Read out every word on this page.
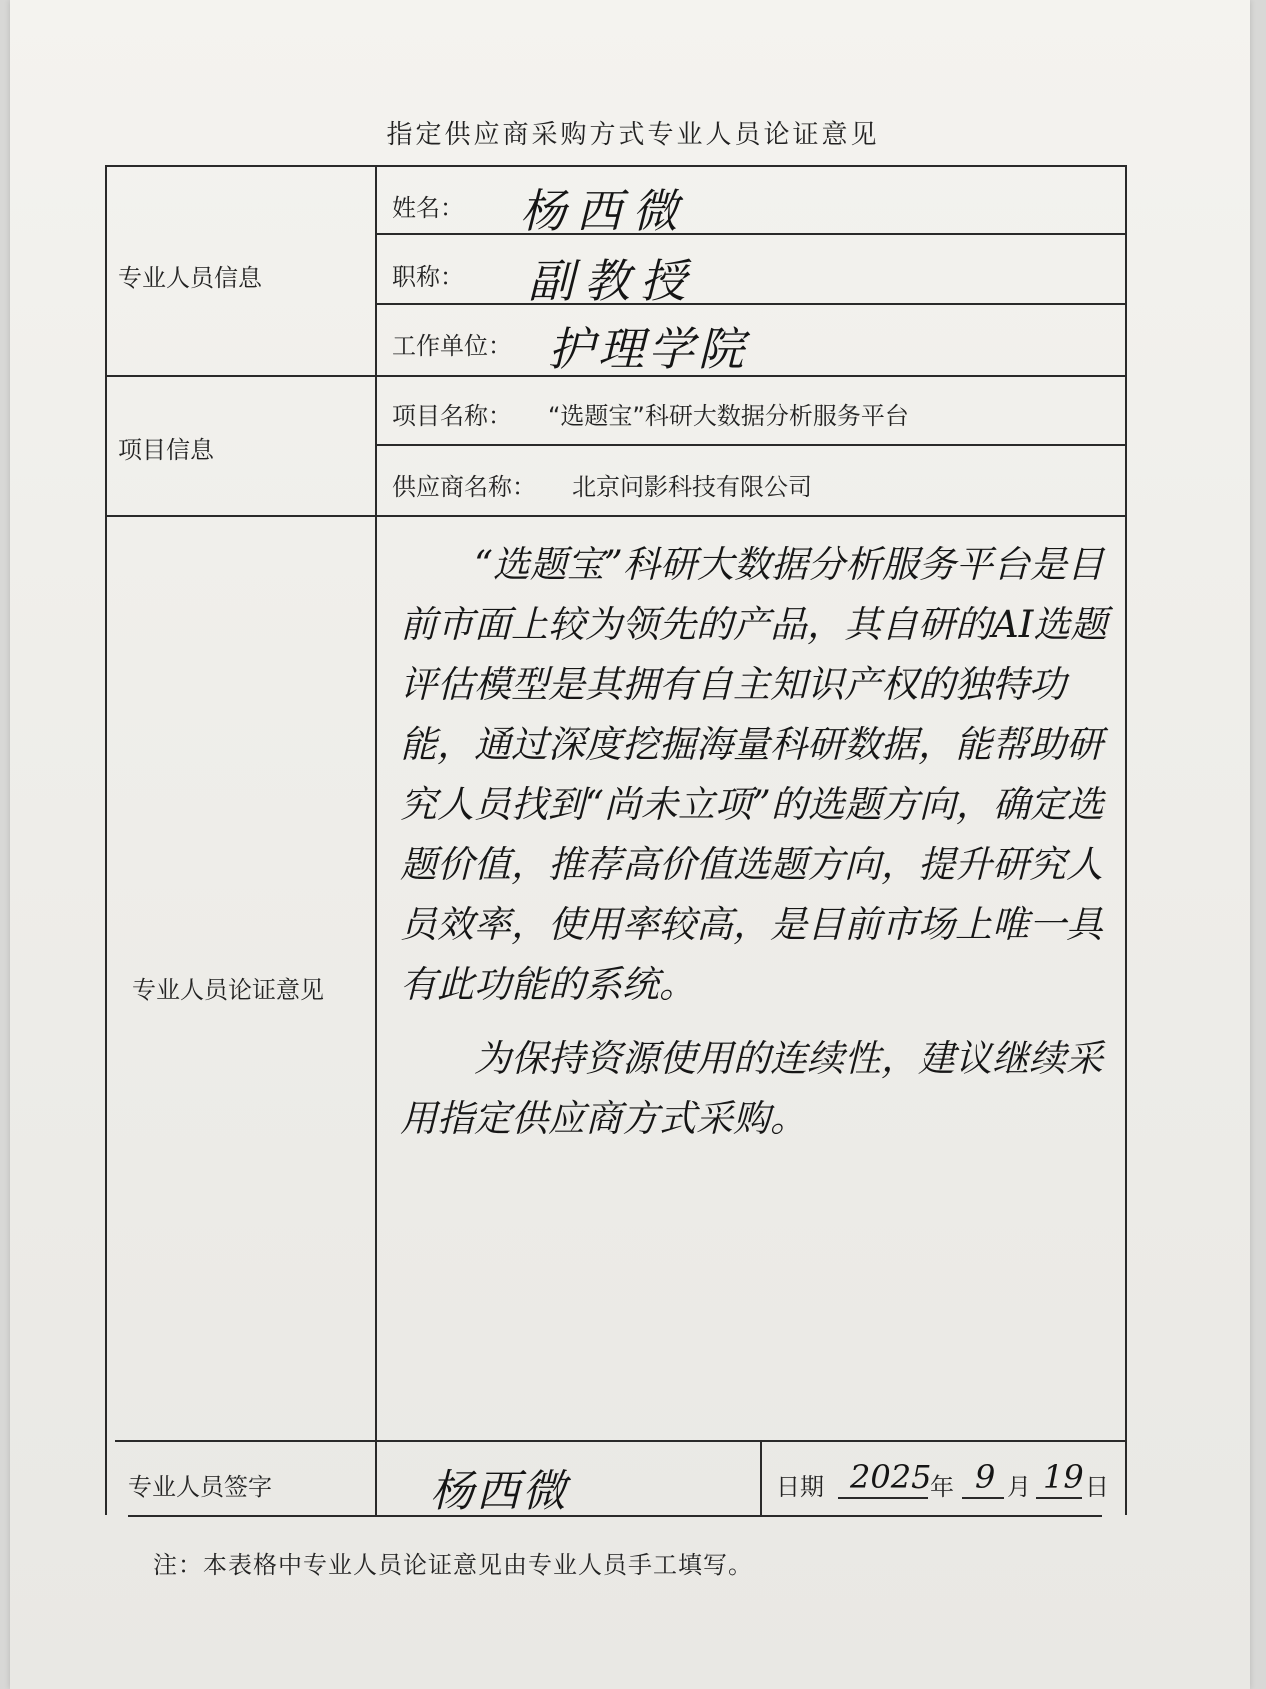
指定供应商采购方式专业人员论证意见
专业人员信息
姓名： 杨西微
职称： 副教授
工作单位： 护理学院
项目信息
项目名称： “选题宝”科研大数据分析服务平台
供应商名称： 北京问影科技有限公司
专业人员论证意见

“选题宝”科研大数据分析服务平台是目前市面上较为领先的产品，其自研的AI选题评估模型是其拥有自主知识产权的独特功能，通过深度挖掘海量科研数据，能帮助研究人员找到“尚未立项”的选题方向，确定选题价值，推荐高价值选题方向，提升研究人员效率，使用率较高，是目前市场上唯一具有此功能的系统。

为保持资源使用的连续性，建议继续采用指定供应商方式采购。

专业人员签字	杨西微	日期 2025
年 9 月 19 日
注：本表格中专业人员论证意见由专业人员手工填写。
